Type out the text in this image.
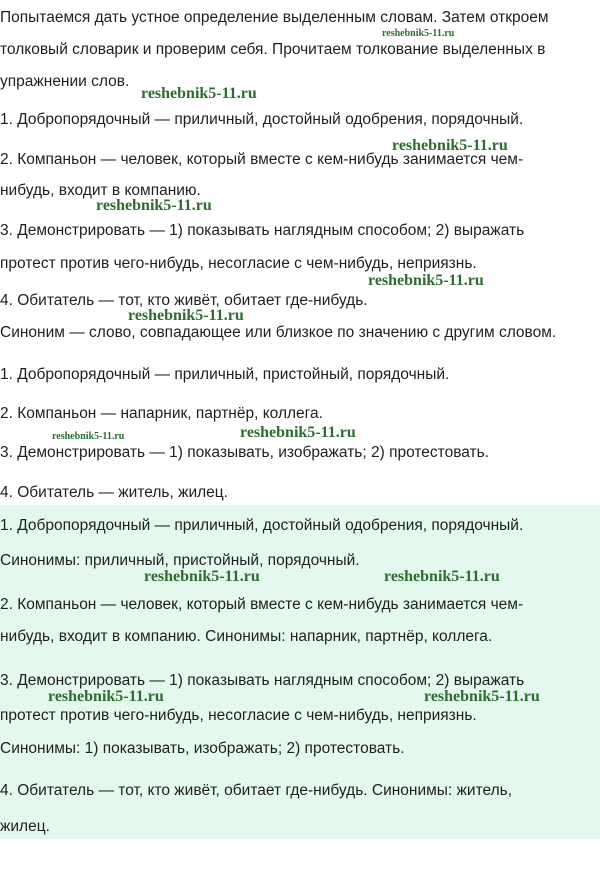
Попытаемся дать устное определение выделенным словам. Затем откроем
толковый словарик и проверим себя. Прочитаем толкование выделенных в
упражнении слов.
1. Добропорядочный — приличный, достойный одобрения, порядочный.
2. Компаньон — человек, который вместе с кем-нибудь занимается чем-
нибудь, входит в компанию.
3. Демонстрировать — 1) показывать наглядным способом; 2) выражать
протест против чего-нибудь, несогласие с чем-нибудь, неприязнь.
4. Обитатель — тот, кто живёт, обитает где-нибудь.
Синоним — слово, совпадающее или близкое по значению с другим словом.
1. Добропорядочный — приличный, пристойный, порядочный.
2. Компаньон — напарник, партнёр, коллега.
3. Демонстрировать — 1) показывать, изображать; 2) протестовать.
4. Обитатель — житель, жилец.
1. Добропорядочный — приличный, достойный одобрения, порядочный.
Синонимы: приличный, пристойный, порядочный.
2. Компаньон — человек, который вместе с кем-нибудь занимается чем-
нибудь, входит в компанию. Синонимы: напарник, партнёр, коллега.
3. Демонстрировать — 1) показывать наглядным способом; 2) выражать
протест против чего-нибудь, несогласие с чем-нибудь, неприязнь.
Синонимы: 1) показывать, изображать; 2) протестовать.
4. Обитатель — тот, кто живёт, обитает где-нибудь. Синонимы: житель,
жилец.
reshebnik5-11.ru
reshebnik5-11.ru
reshebnik5-11.ru
reshebnik5-11.ru
reshebnik5-11.ru
reshebnik5-11.ru
reshebnik5-11.ru	reshebnik5-11.ru
reshebnik5-11.ru	reshebnik5-11.ru
reshebnik5-11.ru	reshebnik5-11.ru
